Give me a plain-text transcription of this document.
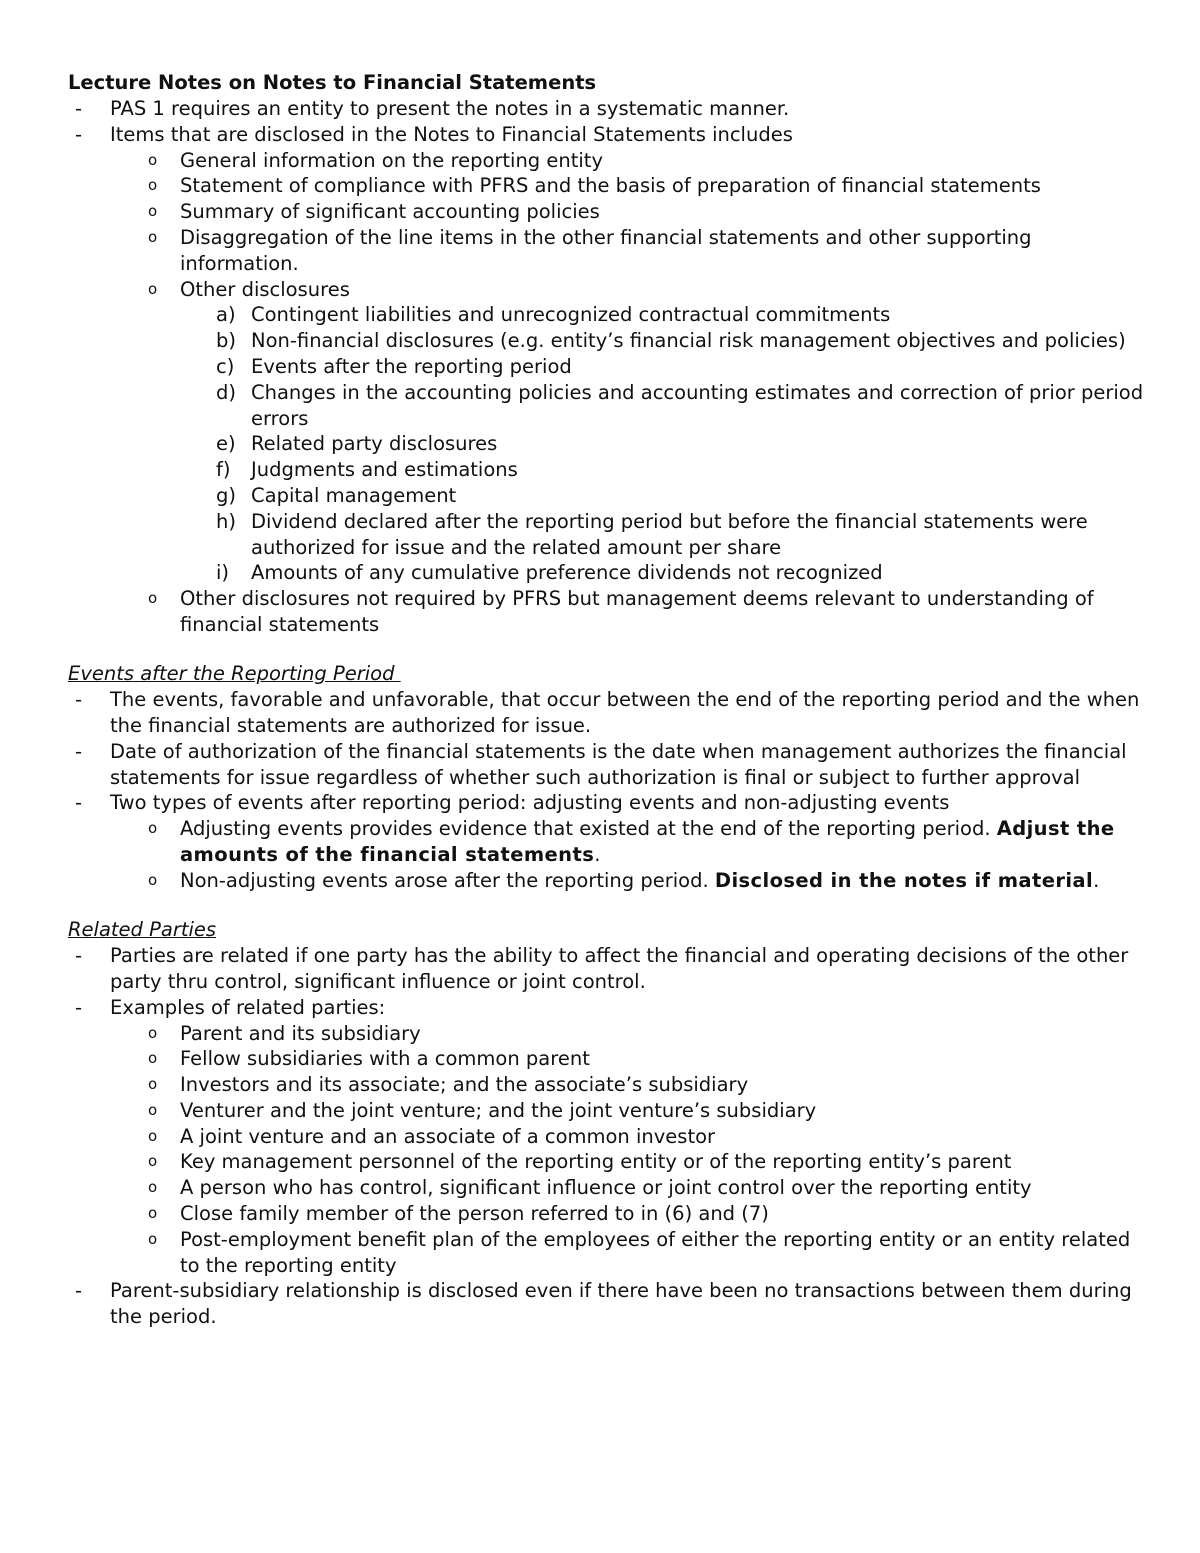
Lecture Notes on Notes to Financial Statements
- PAS 1 requires an entity to present the notes in a systematic manner.
- Items that are disclosed in the Notes to Financial Statements includes
o General information on the reporting entity
o Statement of compliance with PFRS and the basis of preparation of financial statements
o Summary of significant accounting policies
o Disaggregation of the line items in the other financial statements and other supporting information.
o Other disclosures
a) Contingent liabilities and unrecognized contractual commitments
b) Non-financial disclosures (e.g. entity’s financial risk management objectives and policies)
c) Events after the reporting period
d) Changes in the accounting policies and accounting estimates and correction of prior period errors
e) Related party disclosures
f) Judgments and estimations
g) Capital management
h) Dividend declared after the reporting period but before the financial statements were authorized for issue and the related amount per share
i) Amounts of any cumulative preference dividends not recognized
o Other disclosures not required by PFRS but management deems relevant to understanding of financial statements
Events after the Reporting Period
- The events, favorable and unfavorable, that occur between the end of the reporting period and the when the financial statements are authorized for issue.
- Date of authorization of the financial statements is the date when management authorizes the financial statements for issue regardless of whether such authorization is final or subject to further approval
- Two types of events after reporting period: adjusting events and non-adjusting events
o Adjusting events provides evidence that existed at the end of the reporting period. Adjust the amounts of the financial statements.
o Non-adjusting events arose after the reporting period. Disclosed in the notes if material.
Related Parties
- Parties are related if one party has the ability to affect the financial and operating decisions of the other party thru control, significant influence or joint control.
- Examples of related parties:
o Parent and its subsidiary
o Fellow subsidiaries with a common parent
o Investors and its associate; and the associate’s subsidiary
o Venturer and the joint venture; and the joint venture’s subsidiary
o A joint venture and an associate of a common investor
o Key management personnel of the reporting entity or of the reporting entity’s parent
o A person who has control, significant influence or joint control over the reporting entity
o Close family member of the person referred to in (6) and (7)
o Post-employment benefit plan of the employees of either the reporting entity or an entity related to the reporting entity
- Parent-subsidiary relationship is disclosed even if there have been no transactions between them during the period.
